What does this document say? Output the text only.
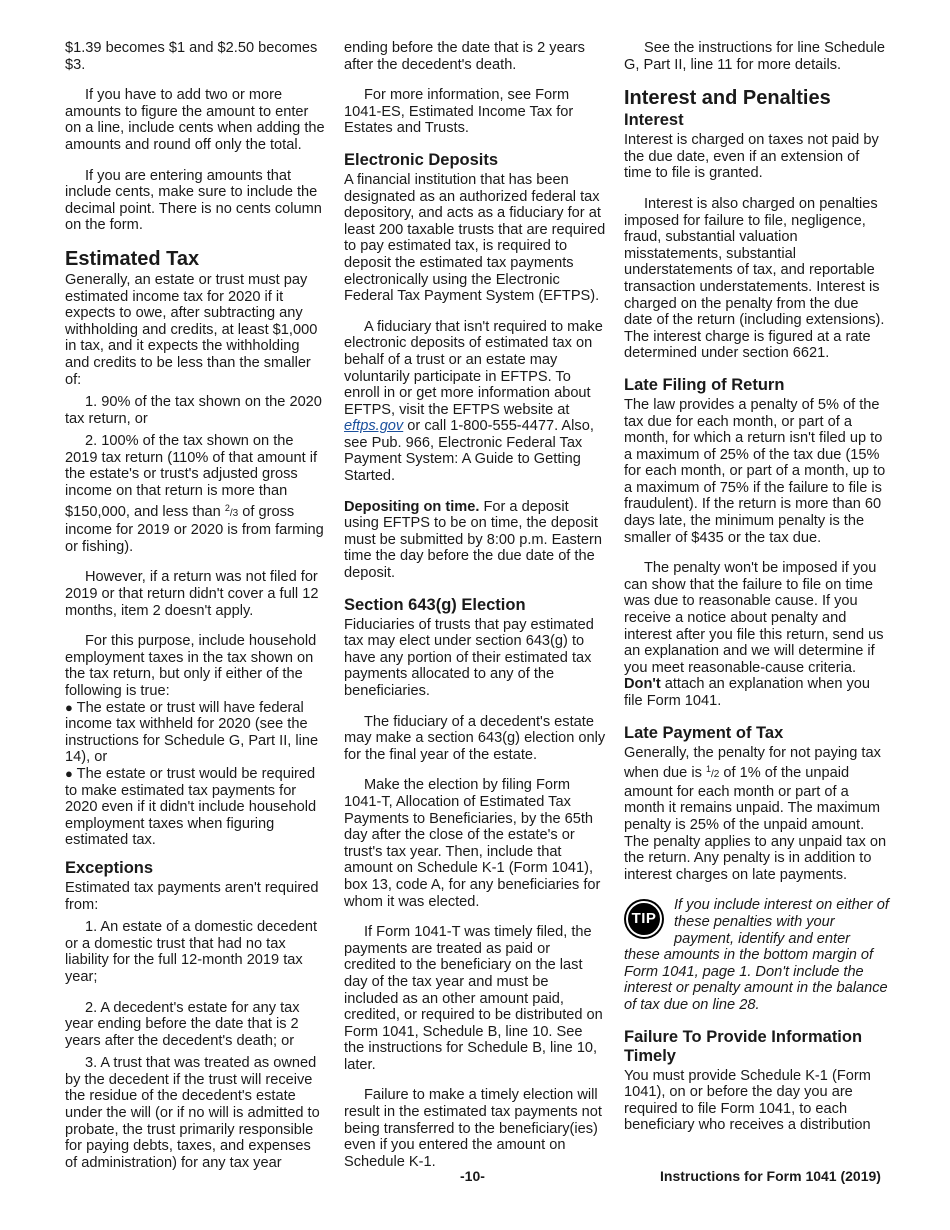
$1.39 becomes $1 and $2.50 becomes $3.

If you have to add two or more amounts to figure the amount to enter on a line, include cents when adding the amounts and round off only the total.

If you are entering amounts that include cents, make sure to include the decimal point. There is no cents column on the form.

Estimated Tax

Generally, an estate or trust must pay estimated income tax for 2020 if it expects to owe, after subtracting any withholding and credits, at least $1,000 in tax, and it expects the withholding and credits to be less than the smaller of:

1. 90% of the tax shown on the 2020 tax return, or

2. 100% of the tax shown on the 2019 tax return (110% of that amount if the estate's or trust's adjusted gross income on that return is more than $150,000, and less than $^2$/3 of gross income for 2019 or 2020 is from farming or fishing).

However, if a return was not filed for 2019 or that return didn't cover a full 12 months, item 2 doesn't apply.

For this purpose, include household employment taxes in the tax shown on the tax return, but only if either of the following is true:

● The estate or trust will have federal income tax withheld for 2020 (see the instructions for Schedule G, Part II, line 14), or

● The estate or trust would be required to make estimated tax payments for 2020 even if it didn't include household employment taxes when figuring estimated tax.

Exceptions

Estimated tax payments aren't required from:

1. An estate of a domestic decedent or a domestic trust that had no tax liability for the full 12-month 2019 tax year;

2. A decedent's estate for any tax year ending before the date that is 2 years after the decedent's death; or

3. A trust that was treated as owned by the decedent if the trust will receive the residue of the decedent's estate under the will (or if no will is admitted to probate, the trust primarily responsible for paying debts, taxes, and expenses of administration) for any tax year

ending before the date that is 2 years after the decedent's death.

For more information, see Form 1041-ES, Estimated Income Tax for Estates and Trusts.

Electronic Deposits

A financial institution that has been designated as an authorized federal tax depository, and acts as a fiduciary for at least 200 taxable trusts that are required to pay estimated tax, is required to deposit the estimated tax payments electronically using the Electronic Federal Tax Payment System (EFTPS).

A fiduciary that isn't required to make electronic deposits of estimated tax on behalf of a trust or an estate may voluntarily participate in EFTPS. To enroll in or get more information about EFTPS, visit the EFTPS website at eftps.gov or call 1-800-555-4477. Also, see Pub. 966, Electronic Federal Tax Payment System: A Guide to Getting Started.

Depositing on time. For a deposit using EFTPS to be on time, the deposit must be submitted by 8:00 p.m. Eastern time the day before the due date of the deposit.

Section 643(g) Election

Fiduciaries of trusts that pay estimated tax may elect under section 643(g) to have any portion of their estimated tax payments allocated to any of the beneficiaries.

The fiduciary of a decedent's estate may make a section 643(g) election only for the final year of the estate.

Make the election by filing Form 1041-T, Allocation of Estimated Tax Payments to Beneficiaries, by the 65th day after the close of the estate's or trust's tax year. Then, include that amount on Schedule K-1 (Form 1041), box 13, code A, for any beneficiaries for whom it was elected.

If Form 1041-T was timely filed, the payments are treated as paid or credited to the beneficiary on the last day of the tax year and must be included as an other amount paid, credited, or required to be distributed on Form 1041, Schedule B, line 10. See the instructions for Schedule B, line 10, later.

Failure to make a timely election will result in the estimated tax payments not being transferred to the beneficiary(ies) even if you entered the amount on Schedule K-1.

See the instructions for line Schedule G, Part II, line 11 for more details.

Interest and Penalties
Interest

Interest is charged on taxes not paid by the due date, even if an extension of time to file is granted.

Interest is also charged on penalties imposed for failure to file, negligence, fraud, substantial valuation misstatements, substantial understatements of tax, and reportable transaction understatements. Interest is charged on the penalty from the due date of the return (including extensions). The interest charge is figured at a rate determined under section 6621.

Late Filing of Return

The law provides a penalty of 5% of the tax due for each month, or part of a month, for which a return isn't filed up to a maximum of 25% of the tax due (15% for each month, or part of a month, up to a maximum of 75% if the failure to file is fraudulent). If the return is more than 60 days late, the minimum penalty is the smaller of $435 or the tax due.

The penalty won't be imposed if you can show that the failure to file on time was due to reasonable cause. If you receive a notice about penalty and interest after you file this return, send us an explanation and we will determine if you meet reasonable-cause criteria. Don't attach an explanation when you file Form 1041.

Late Payment of Tax

Generally, the penalty for not paying tax when due is $^1$/2 of 1% of the unpaid amount for each month or part of a month it remains unpaid. The maximum penalty is 25% of the unpaid amount. The penalty applies to any unpaid tax on the return. Any penalty is in addition to interest charges on late payments.

TIP
If you include interest on either of these penalties with your payment, identify and enter these amounts in the bottom margin of Form 1041, page 1. Don't include the interest or penalty amount in the balance of tax due on line 28.
Failure To Provide Information Timely

You must provide Schedule K-1 (Form 1041), on or before the day you are required to file Form 1041, to each beneficiary who receives a distribution

-10-	Instructions for Form 1041 (2019)
